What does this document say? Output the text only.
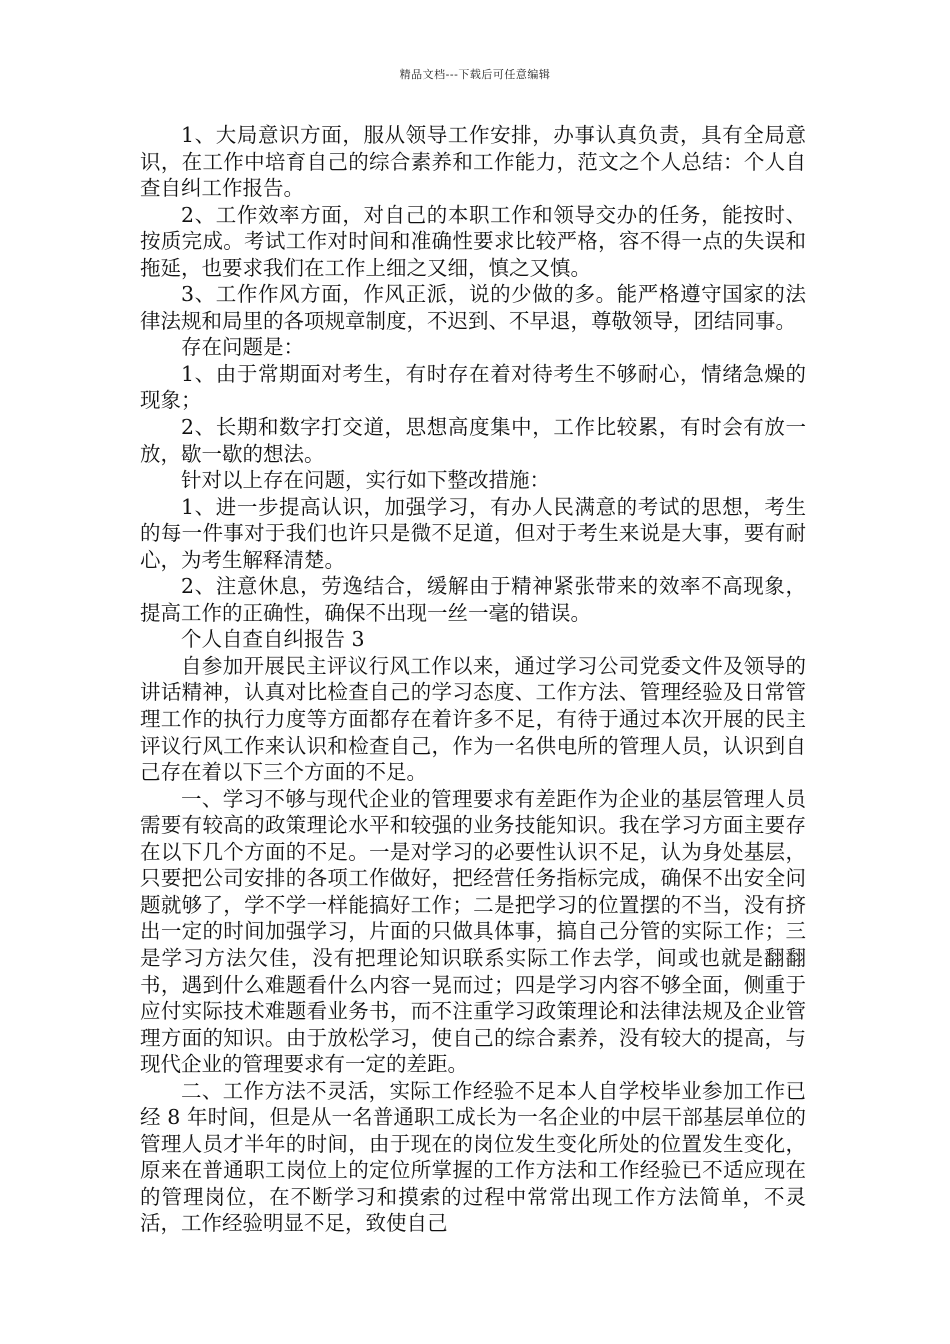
精品文档---下载后可任意编辑

1、大局意识方面，服从领导工作安排，办事认真负责，具有全局意识，在工作中培育自己的综合素养和工作能力，范文之个人总结：个人自查自纠工作报告。

2、工作效率方面，对自己的本职工作和领导交办的任务，能按时、按质完成。考试工作对时间和准确性要求比较严格，容不得一点的失误和拖延，也要求我们在工作上细之又细，慎之又慎。

3、工作作风方面，作风正派，说的少做的多。能严格遵守国家的法律法规和局里的各项规章制度，不迟到、不早退，尊敬领导，团结同事。

存在问题是：

1、由于常期面对考生，有时存在着对待考生不够耐心，情绪急燥的现象；

2、长期和数字打交道，思想高度集中，工作比较累，有时会有放一放，歇一歇的想法。

针对以上存在问题，实行如下整改措施：

1、进一步提高认识，加强学习，有办人民满意的考试的思想，考生的每一件事对于我们也许只是微不足道，但对于考生来说是大事，要有耐心，为考生解释清楚。

2、注意休息，劳逸结合，缓解由于精神紧张带来的效率不高现象，提高工作的正确性，确保不出现一丝一毫的错误。

个人自查自纠报告 3

自参加开展民主评议行风工作以来，通过学习公司党委文件及领导的讲话精神，认真对比检查自己的学习态度、工作方法、管理经验及日常管理工作的执行力度等方面都存在着许多不足，有待于通过本次开展的民主评议行风工作来认识和检查自己，作为一名供电所的管理人员，认识到自己存在着以下三个方面的不足。

一、学习不够与现代企业的管理要求有差距作为企业的基层管理人员需要有较高的政策理论水平和较强的业务技能知识。我在学习方面主要存在以下几个方面的不足。一是对学习的必要性认识不足，认为身处基层，只要把公司安排的各项工作做好，把经营任务指标完成，确保不出安全问题就够了，学不学一样能搞好工作；二是把学习的位置摆的不当，没有挤出一定的时间加强学习，片面的只做具体事，搞自己分管的实际工作；三是学习方法欠佳，没有把理论知识联系实际工作去学，间或也就是翻翻书，遇到什么难题看什么内容一晃而过；四是学习内容不够全面，侧重于应付实际技术难题看业务书，而不注重学习政策理论和法律法规及企业管理方面的知识。由于放松学习，使自己的综合素养，没有较大的提高，与现代企业的管理要求有一定的差距。

二、工作方法不灵活，实际工作经验不足本人自学校毕业参加工作已经 8 年时间，但是从一名普通职工成长为一名企业的中层干部基层单位的管理人员才半年的时间，由于现在的岗位发生变化所处的位置发生变化，原来在普通职工岗位上的定位所掌握的工作方法和工作经验已不适应现在的管理岗位，在不断学习和摸索的过程中常常出现工作方法简单，不灵活，工作经验明显不足，致使自己
